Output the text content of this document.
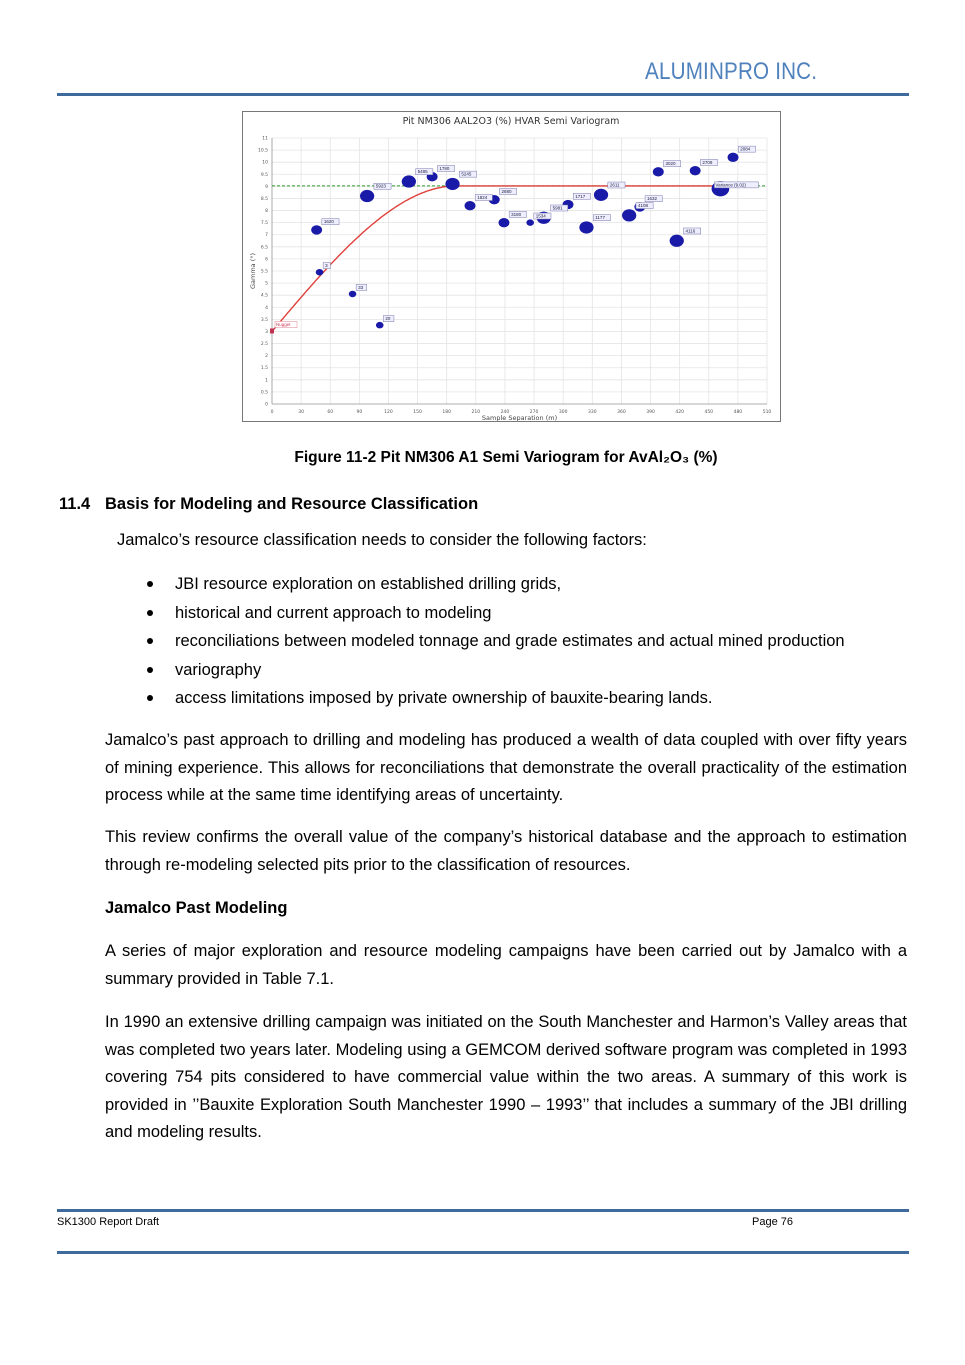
ALUMINPRO INC.
Pit NM306 AAL2O3 (%) HVAR Semi Variogram
0	30	60	90	120	150	180	210	240	270	300	330	360	390	420	450	480	510
0
0.5
1
1.5
2
2.5
3
3.5
4
4.5
5
5.5
6
6.5
7
7.5
8
8.5
9
9.5
10
10.5
11
Sample Separation (m)
Gamma (°)
Nugget
3
33
20
1620
5923
5485
1780
5245
1824
2880
3180	1534
5981
1717
1177
2611
4108
1632
3020
4116
2709
2084
Variance (9.02)
Figure 11-2 Pit NM306 A1 Semi Variogram for AvAl₂O₃ (%)
11.4 Basis for Modeling and Resource Classification
Jamalco’s resource classification needs to consider the following factors:
JBI resource exploration on established drilling grids,
historical and current approach to modeling
reconciliations between modeled tonnage and grade estimates and actual mined production
variography
access limitations imposed by private ownership of bauxite-bearing lands.
Jamalco’s past approach to drilling and modeling has produced a wealth of data coupled with over fifty years of mining experience. This allows for reconciliations that demonstrate the overall practicality of the estimation process while at the same time identifying areas of uncertainty.
This review confirms the overall value of the company’s historical database and the approach to estimation through re-modeling selected pits prior to the classification of resources.
Jamalco Past Modeling
A series of major exploration and resource modeling campaigns have been carried out by Jamalco with a summary provided in Table 7.1.
In 1990 an extensive drilling campaign was initiated on the South Manchester and Harmon’s Valley areas that was completed two years later. Modeling using a GEMCOM derived software program was completed in 1993 covering 754 pits considered to have commercial value within the two areas. A summary of this work is provided in ’’Bauxite Exploration South Manchester 1990 – 1993’’ that includes a summary of the JBI drilling and modeling results.
SK1300 Report Draft	Page 76
